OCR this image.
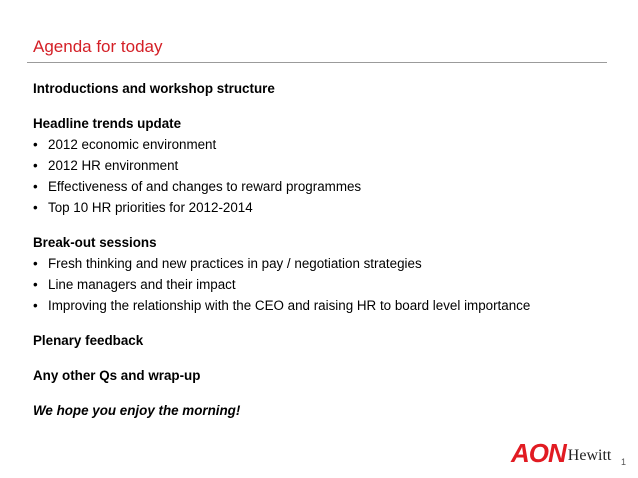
Agenda for today
Introductions and workshop structure
Headline trends update
• 2012 economic environment
• 2012 HR environment
• Effectiveness of and changes to reward programmes
• Top 10 HR priorities for 2012-2014
Break-out sessions
• Fresh thinking and new practices in pay / negotiation strategies
• Line managers and their impact
• Improving the relationship with the CEO and raising HR to board level importance
Plenary feedback
Any other Qs and wrap-up
We hope you enjoy the morning!
AON Hewitt 1
